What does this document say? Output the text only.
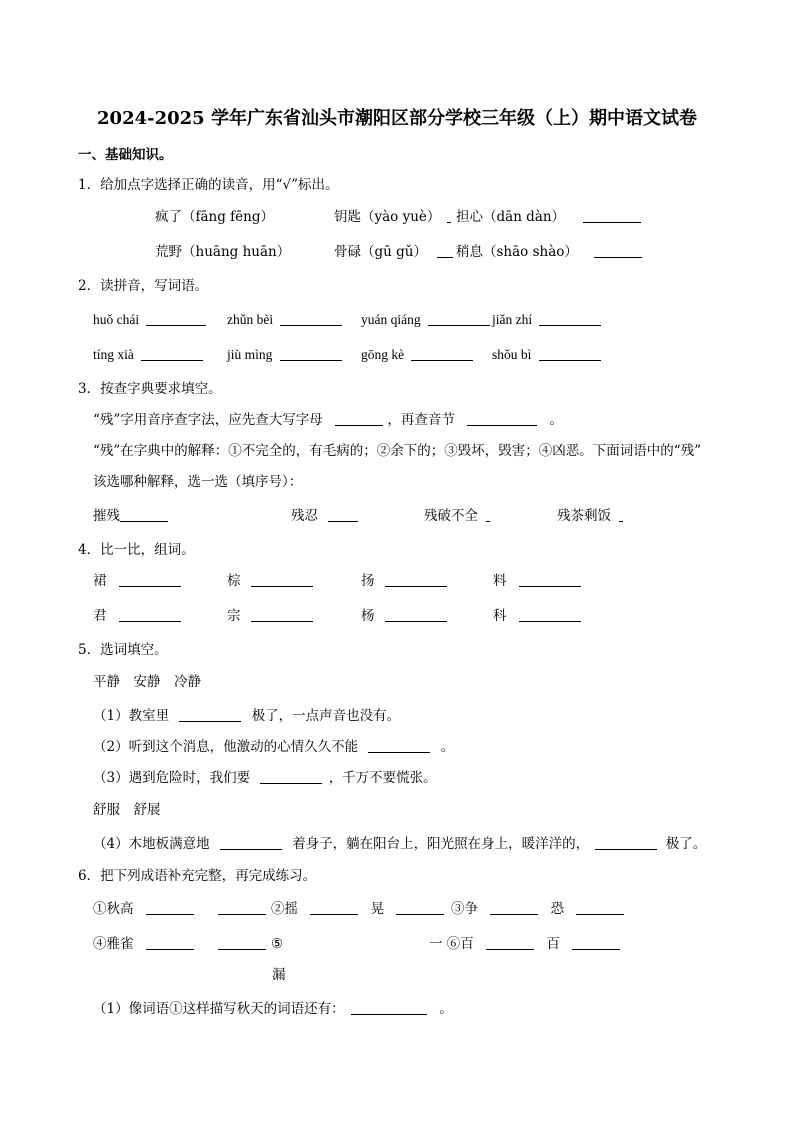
2024-2025 学年广东省汕头市潮阳区部分学校三年级（上）期中语文试卷
一、基础知识。
1．给加点字选择正确的读音，用“√”标出。
疯了（fāng fēng）	钥匙（yào yuè）	担心（dān dàn）
荒野（huāng huān）	骨碌（gū gǔ）	稍息（shāo shào）
2．读拼音，写词语。
huǒ chái	zhǔn bèi	yuán qiáng	jiǎn zhí
tíng xià	jiù mìng	gōng kè	shǒu bì
3．按查字典要求填空。
“残”字用音序查字法，应先查大写字母	，再查音节	。
“残”在字典中的解释：①不完全的，有毛病的；②余下的；③毁坏，毁害；④凶恶。下面词语中的“残”
该选哪种解释，选一选（填序号）：
摧残	残忍	残破不全	残茶剩饭
4．比一比，组词。
裙	棕	扬	料
君	宗	杨	科
5．选词填空。
平静　安静　冷静
（1）教室里	极了，一点声音也没有。
（2）听到这个消息，他激动的心情久久不能	。
（3）遇到危险时，我们要	，千万不要慌张。
舒服　舒展
（4）木地板满意地	着身子，躺在阳台上，阳光照在身上，暖洋洋的，	极了。
6．把下列成语补充完整，再完成练习。
①秋高	②摇	晃	③争	恐
④雅雀	⑤	一 ⑥百	百
漏
（1）像词语①这样描写秋天的词语还有：	。
